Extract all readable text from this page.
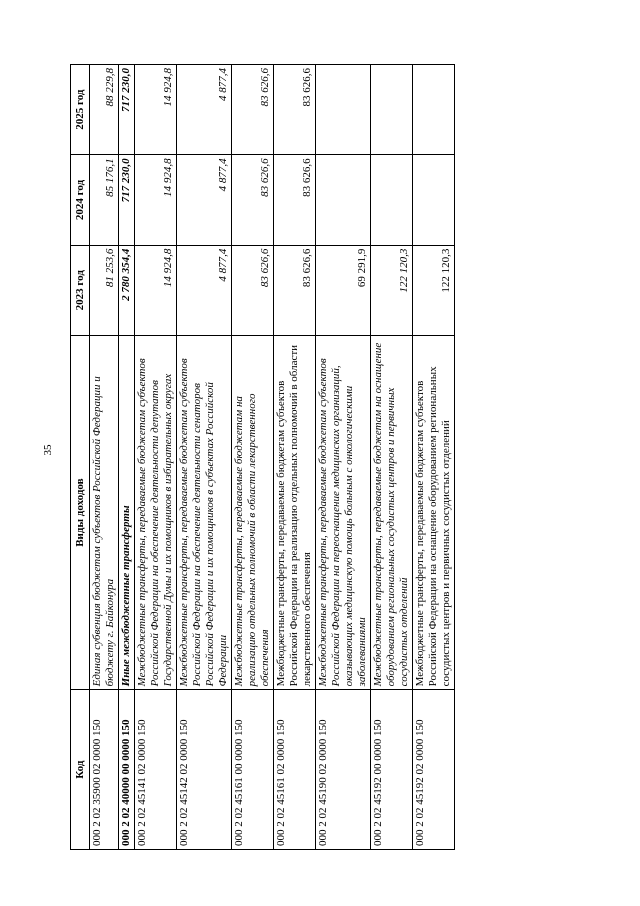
35
Код	Виды доходов	2023 год	2024 год	2025 год
000 2 02 35900 02 0000 150	Единая субвенция бюджетам субъектов Российской Федерации и бюджету г. Байконура	81 253,6	85 176,1	88 229,8
000 2 02 40000 00 0000 150	Иные межбюджетные трансферты	2 780 354,4	717 230,0	717 230,0
000 2 02 45141 02 0000 150	Межбюджетные трансферты, передаваемые бюджетам субъектов Российской Федерации на обеспечение деятельности депутатов Государственной Думы и их помощников в избирательных округах	14 924,8	14 924,8	14 924,8
000 2 02 45142 02 0000 150	Межбюджетные трансферты, передаваемые бюджетам субъектов Российской Федерации на обеспечение деятельности сенаторов Российской Федерации и их помощников в субъектах Российской Федерации	4 877,4	4 877,4	4 877,4
000 2 02 45161 00 0000 150	Межбюджетные трансферты, передаваемые бюджетам на реализацию отдельных полномочий в области лекарственного обеспечения	83 626,6	83 626,6	83 626,6
000 2 02 45161 02 0000 150	Межбюджетные трансферты, передаваемые бюджетам субъектов Российской Федерации на реализацию отдельных полномочий в области лекарственного обеспечения	83 626,6	83 626,6	83 626,6
000 2 02 45190 02 0000 150	Межбюджетные трансферты, передаваемые бюджетам субъектов Российской Федерации на переоснащение медицинских организаций, оказывающих медицинскую помощь больным с онкологическими заболеваниями	69 291,9		
000 2 02 45192 00 0000 150	Межбюджетные трансферты, передаваемые бюджетам на оснащение оборудованием региональных сосудистых центров и первичных сосудистых отделений	122 120,3		
000 2 02 45192 02 0000 150	Межбюджетные трансферты, передаваемые бюджетам субъектов Российской Федерации на оснащение оборудованием региональных сосудистых центров и первичных сосудистых отделений	122 120,3		
